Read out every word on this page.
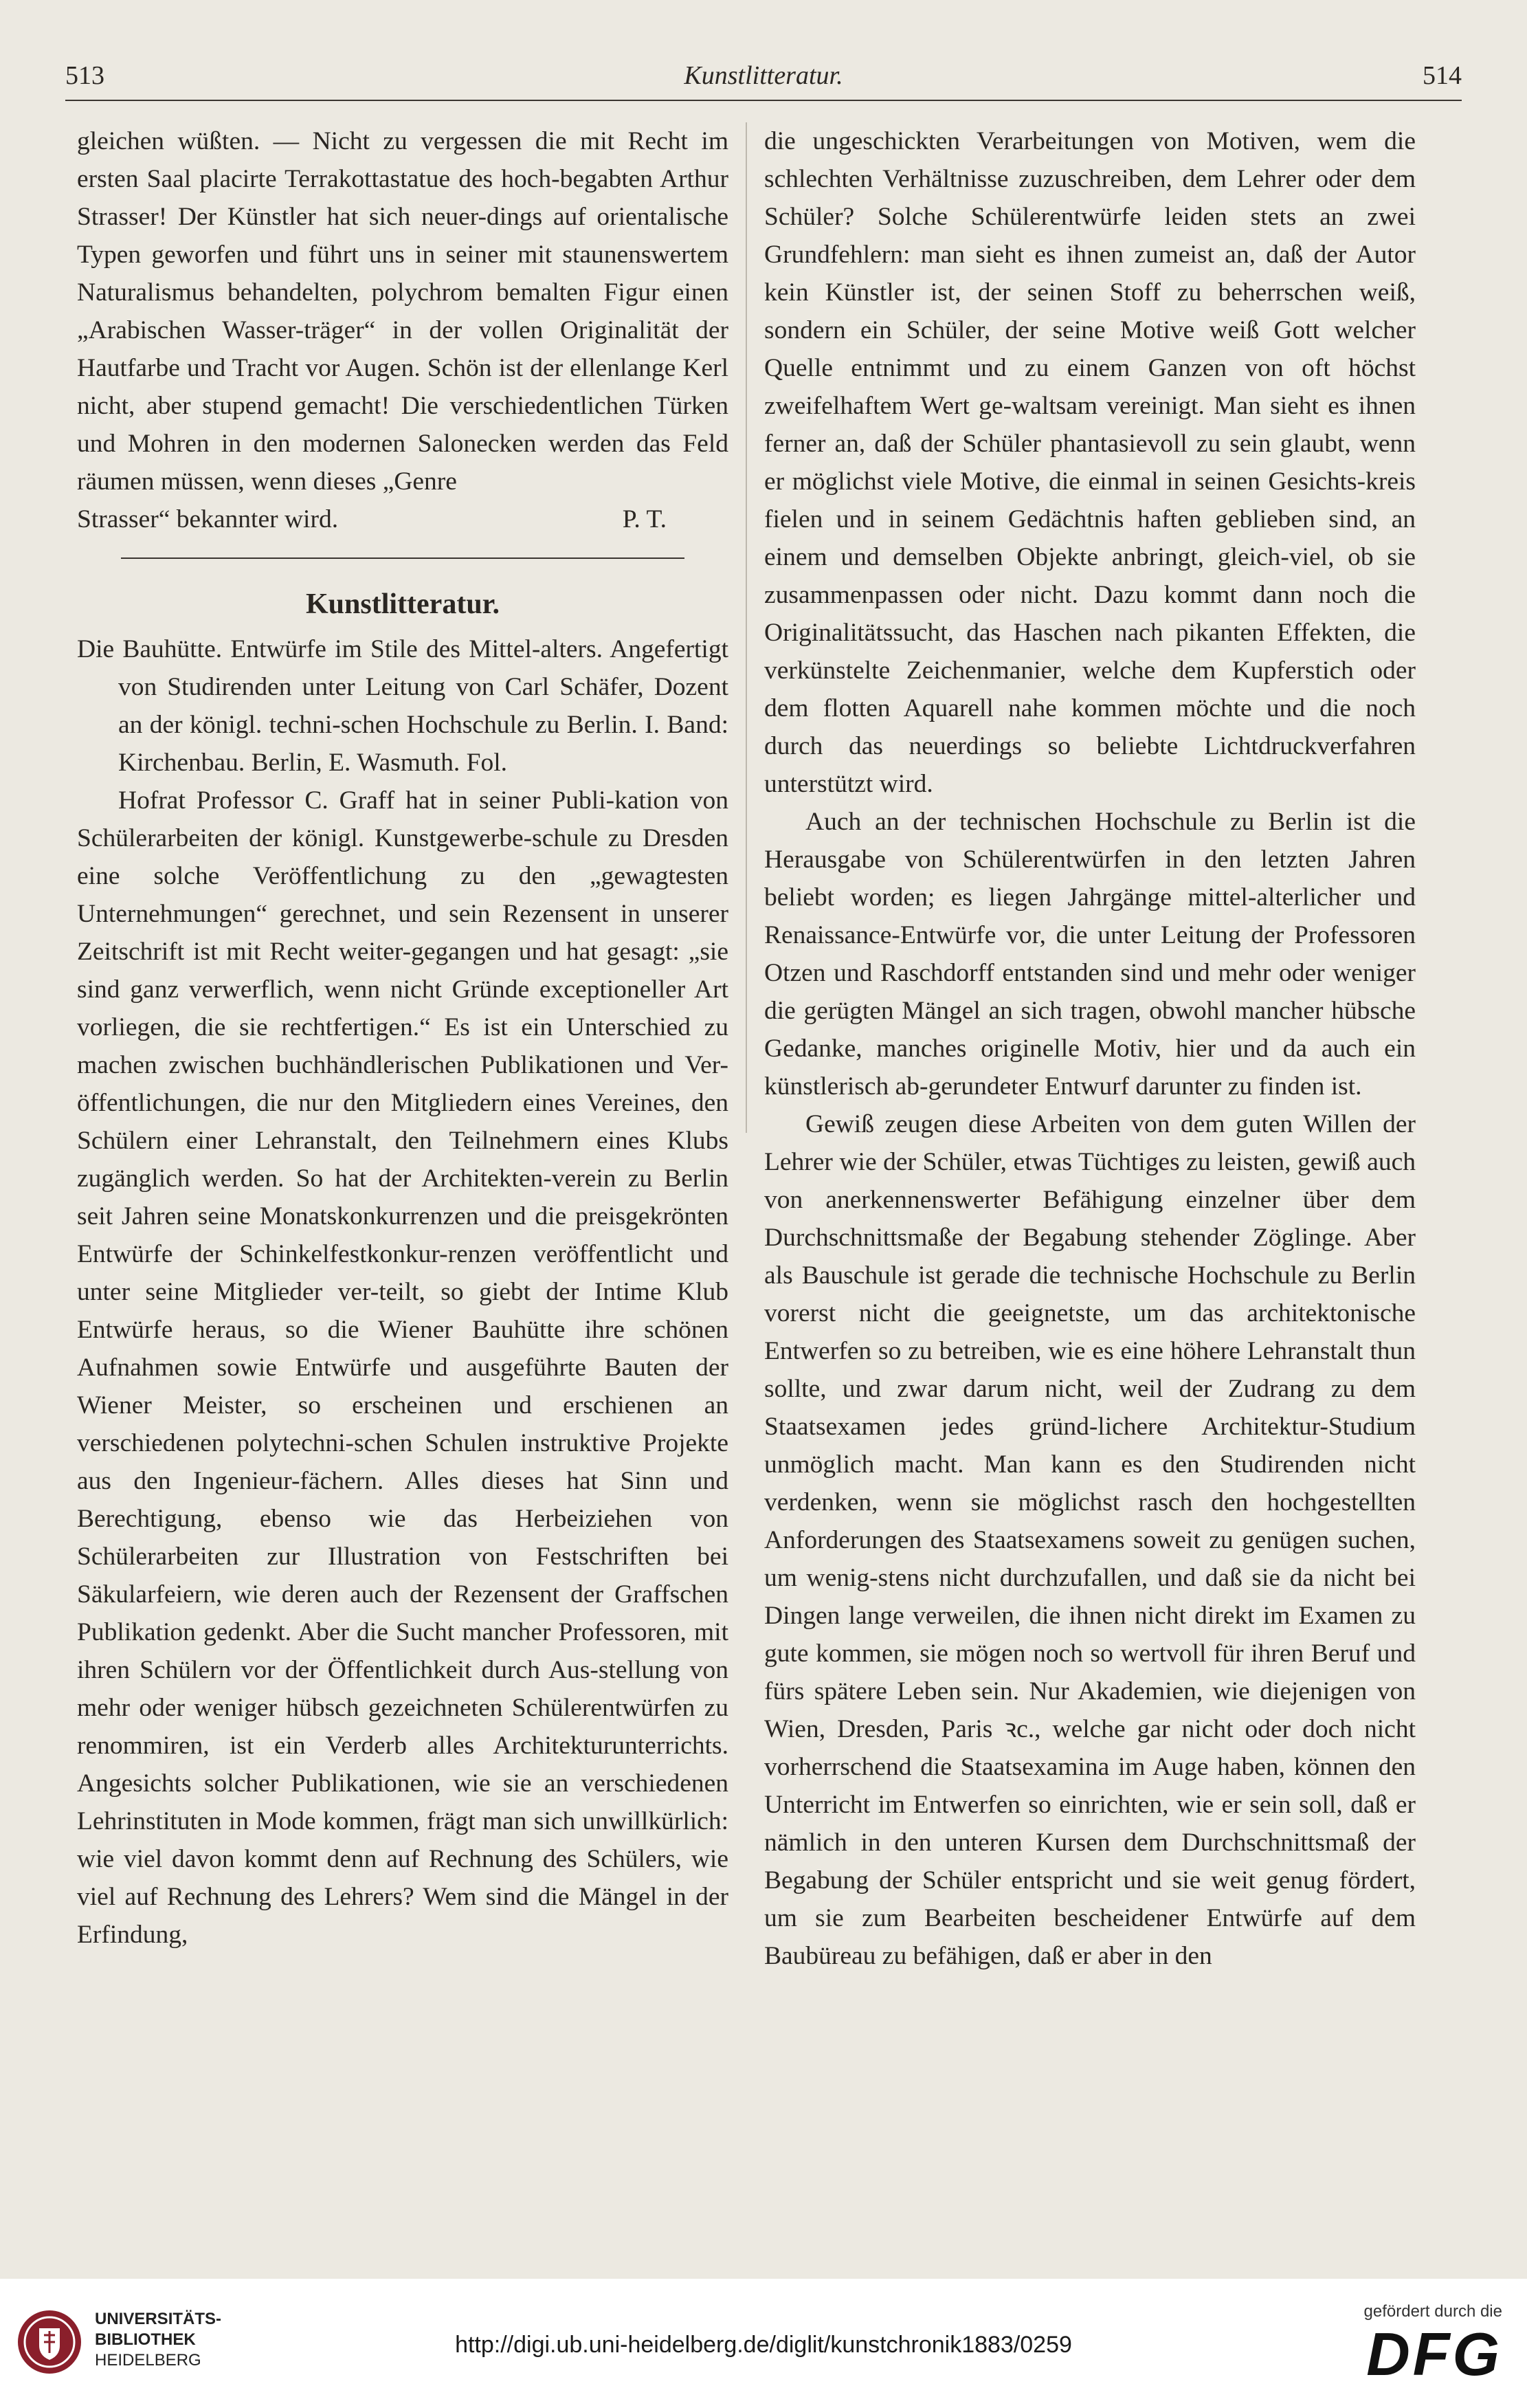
513	Kunstlitteratur.	514

gleichen wüßten. — Nicht zu vergessen die mit Recht im ersten Saal placirte Terrakottastatue des hoch-begabten Arthur Strasser! Der Künstler hat sich neuer-dings auf orientalische Typen geworfen und führt uns in seiner mit staunenswertem Naturalismus behandelten, polychrom bemalten Figur einen „Arabischen Wasser-träger“ in der vollen Originalität der Hautfarbe und Tracht vor Augen. Schön ist der ellenlange Kerl nicht, aber stupend gemacht! Die verschiedentlichen Türken und Mohren in den modernen Salonecken werden das Feld räumen müssen, wenn dieses „Genre

Strasser“ bekannter wird.	P. T.
Kunstlitteratur.

Die Bauhütte. Entwürfe im Stile des Mittel-alters. Angefertigt von Studirenden unter Leitung von Carl Schäfer, Dozent an der königl. techni-schen Hochschule zu Berlin. I. Band: Kirchenbau. Berlin, E. Wasmuth. Fol.

Hofrat Professor C. Graff hat in seiner Publi-kation von Schülerarbeiten der königl. Kunstgewerbe-schule zu Dresden eine solche Veröffentlichung zu den „gewagtesten Unternehmungen“ gerechnet, und sein Rezensent in unserer Zeitschrift ist mit Recht weiter-gegangen und hat gesagt: „sie sind ganz verwerflich, wenn nicht Gründe exceptioneller Art vorliegen, die sie rechtfertigen.“ Es ist ein Unterschied zu machen zwischen buchhändlerischen Publikationen und Ver-öffentlichungen, die nur den Mitgliedern eines Vereines, den Schülern einer Lehranstalt, den Teilnehmern eines Klubs zugänglich werden. So hat der Architekten-verein zu Berlin seit Jahren seine Monatskonkurrenzen und die preisgekrönten Entwürfe der Schinkelfestkonkur-renzen veröffentlicht und unter seine Mitglieder ver-teilt, so giebt der Intime Klub Entwürfe heraus, so die Wiener Bauhütte ihre schönen Aufnahmen sowie Entwürfe und ausgeführte Bauten der Wiener Meister, so erscheinen und erschienen an verschiedenen polytechni-schen Schulen instruktive Projekte aus den Ingenieur-fächern. Alles dieses hat Sinn und Berechtigung, ebenso wie das Herbeiziehen von Schülerarbeiten zur Illustration von Festschriften bei Säkularfeiern, wie deren auch der Rezensent der Graffschen Publikation gedenkt. Aber die Sucht mancher Professoren, mit ihren Schülern vor der Öffentlichkeit durch Aus-stellung von mehr oder weniger hübsch gezeichneten Schülerentwürfen zu renommiren, ist ein Verderb alles Architekturunterrichts. Angesichts solcher Publikationen, wie sie an verschiedenen Lehrinstituten in Mode kommen, frägt man sich unwillkürlich: wie viel davon kommt denn auf Rechnung des Schülers, wie viel auf Rechnung des Lehrers? Wem sind die Mängel in der Erfindung,

die ungeschickten Verarbeitungen von Motiven, wem die schlechten Verhältnisse zuzuschreiben, dem Lehrer oder dem Schüler? Solche Schülerentwürfe leiden stets an zwei Grundfehlern: man sieht es ihnen zumeist an, daß der Autor kein Künstler ist, der seinen Stoff zu beherrschen weiß, sondern ein Schüler, der seine Motive weiß Gott welcher Quelle entnimmt und zu einem Ganzen von oft höchst zweifelhaftem Wert ge-waltsam vereinigt. Man sieht es ihnen ferner an, daß der Schüler phantasievoll zu sein glaubt, wenn er möglichst viele Motive, die einmal in seinen Gesichts-kreis fielen und in seinem Gedächtnis haften geblieben sind, an einem und demselben Objekte anbringt, gleich-viel, ob sie zusammenpassen oder nicht. Dazu kommt dann noch die Originalitätssucht, das Haschen nach pikanten Effekten, die verkünstelte Zeichenmanier, welche dem Kupferstich oder dem flotten Aquarell nahe kommen möchte und die noch durch das neuerdings so beliebte Lichtdruckverfahren unterstützt wird.

Auch an der technischen Hochschule zu Berlin ist die Herausgabe von Schülerentwürfen in den letzten Jahren beliebt worden; es liegen Jahrgänge mittel-alterlicher und Renaissance-Entwürfe vor, die unter Leitung der Professoren Otzen und Raschdorff entstanden sind und mehr oder weniger die gerügten Mängel an sich tragen, obwohl mancher hübsche Gedanke, manches originelle Motiv, hier und da auch ein künstlerisch ab-gerundeter Entwurf darunter zu finden ist.

Gewiß zeugen diese Arbeiten von dem guten Willen der Lehrer wie der Schüler, etwas Tüchtiges zu leisten, gewiß auch von anerkennenswerter Befähigung einzelner über dem Durchschnittsmaße der Begabung stehender Zöglinge. Aber als Bauschule ist gerade die technische Hochschule zu Berlin vorerst nicht die geeignetste, um das architektonische Entwerfen so zu betreiben, wie es eine höhere Lehranstalt thun sollte, und zwar darum nicht, weil der Zudrang zu dem Staatsexamen jedes gründ-lichere Architektur-Studium unmöglich macht. Man kann es den Studirenden nicht verdenken, wenn sie möglichst rasch den hochgestellten Anforderungen des Staatsexamens soweit zu genügen suchen, um wenig-stens nicht durchzufallen, und daß sie da nicht bei Dingen lange verweilen, die ihnen nicht direkt im Examen zu gute kommen, sie mögen noch so wertvoll für ihren Beruf und fürs spätere Leben sein. Nur Akademien, wie diejenigen von Wien, Dresden, Paris ꝛc., welche gar nicht oder doch nicht vorherrschend die Staatsexamina im Auge haben, können den Unterricht im Entwerfen so einrichten, wie er sein soll, daß er nämlich in den unteren Kursen dem Durchschnittsmaß der Begabung der Schüler entspricht und sie weit genug fördert, um sie zum Bearbeiten bescheidener Entwürfe auf dem Baubüreau zu befähigen, daß er aber in den

UNIVERSITÄTS-
BIBLIOTHEK
HEIDELBERG
http://digi.ub.uni-heidelberg.de/diglit/kunstchronik1883/0259
gefördert durch die
DFG
